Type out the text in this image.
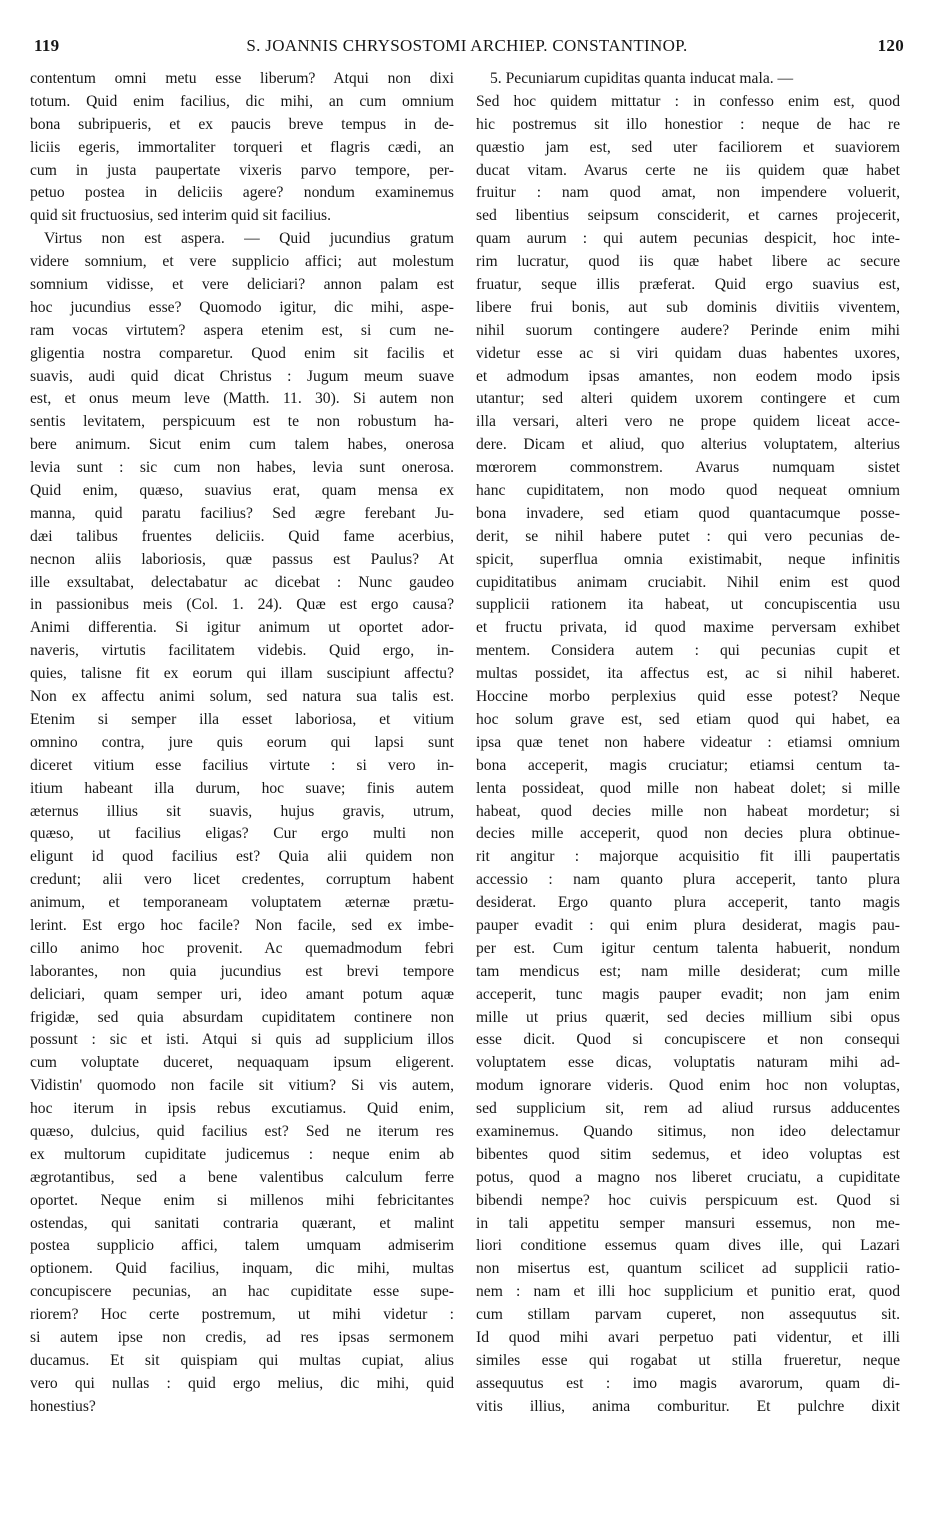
119	S. JOANNIS CHRYSOSTOMI ARCHIEP. CONSTANTINOP.	120
contentum omni metu esse liberum? Atqui non dixi
totum. Quid enim facilius, dic mihi, an cum omnium
bona subripueris, et ex paucis breve tempus in de-
liciis egeris, immortaliter torqueri et flagris cædi, an
cum in justa paupertate vixeris parvo tempore, per-
petuo postea in deliciis agere? nondum examinemus
quid sit fructuosius, sed interim quid sit facilius.
Virtus non est aspera. — Quid jucundius gratum
videre somnium, et vere supplicio affici; aut molestum
somnium vidisse, et vere deliciari? annon palam est
hoc jucundius esse? Quomodo igitur, dic mihi, aspe-
ram vocas virtutem? aspera etenim est, si cum ne-
gligentia nostra comparetur. Quod enim sit facilis et
suavis, audi quid dicat Christus : Jugum meum suave
est, et onus meum leve (Matth. 11. 30). Si autem non
sentis levitatem, perspicuum est te non robustum ha-
bere animum. Sicut enim cum talem habes, onerosa
levia sunt : sic cum non habes, levia sunt onerosa.
Quid enim, quæso, suavius erat, quam mensa ex
manna, quid paratu facilius? Sed ægre ferebant Ju-
dæi talibus fruentes deliciis. Quid fame acerbius,
necnon aliis laboriosis, quæ passus est Paulus? At
ille exsultabat, delectabatur ac dicebat : Nunc gaudeo
in passionibus meis (Col. 1. 24). Quæ est ergo causa?
Animi differentia. Si igitur animum ut oportet ador-
naveris, virtutis facilitatem videbis. Quid ergo, in-
quies, talisne fit ex eorum qui illam suscipiunt affectu?
Non ex affectu animi solum, sed natura sua talis est.
Etenim si semper illa esset laboriosa, et vitium
omnino contra, jure quis eorum qui lapsi sunt
diceret vitium esse facilius virtute : si vero in-
itium habeant illa durum, hoc suave; finis autem
æternus illius sit suavis, hujus gravis, utrum,
quæso, ut facilius eligas? Cur ergo multi non
eligunt id quod facilius est? Quia alii quidem non
credunt; alii vero licet credentes, corruptum habent
animum, et temporaneam voluptatem æternæ prætu-
lerint. Est ergo hoc facile? Non facile, sed ex imbe-
cillo animo hoc provenit. Ac quemadmodum febri
laborantes, non quia jucundius est brevi tempore
deliciari, quam semper uri, ideo amant potum aquæ
frigidæ, sed quia absurdam cupiditatem continere non
possunt : sic et isti. Atqui si quis ad supplicium illos
cum voluptate duceret, nequaquam ipsum eligerent.
Vidistin' quomodo non facile sit vitium? Si vis autem,
hoc iterum in ipsis rebus excutiamus. Quid enim,
quæso, dulcius, quid facilius est? Sed ne iterum res
ex multorum cupiditate judicemus : neque enim ab
ægrotantibus, sed a bene valentibus calculum ferre
oportet. Neque enim si millenos mihi febricitantes
ostendas, qui sanitati contraria quærant, et malint
postea supplicio affici, talem umquam admiserim
optionem. Quid facilius, inquam, dic mihi, multas
concupiscere pecunias, an hac cupiditate esse supe-
riorem? Hoc certe postremum, ut mihi videtur :
si autem ipse non credis, ad res ipsas sermonem
ducamus. Et sit quispiam qui multas cupiat, alius
vero qui nullas : quid ergo melius, dic mihi, quid
honestius?
5. Pecuniarum cupiditas quanta inducat mala. —
Sed hoc quidem mittatur : in confesso enim est, quod
hic postremus sit illo honestior : neque de hac re
quæstio jam est, sed uter faciliorem et suaviorem
ducat vitam. Avarus certe ne iis quidem quæ habet
fruitur : nam quod amat, non impendere voluerit,
sed libentius seipsum consciderit, et carnes projecerit,
quam aurum : qui autem pecunias despicit, hoc inte-
rim lucratur, quod iis quæ habet libere ac secure
fruatur, seque illis præferat. Quid ergo suavius est,
libere frui bonis, aut sub dominis divitiis viventem,
nihil suorum contingere audere? Perinde enim mihi
videtur esse ac si viri quidam duas habentes uxores,
et admodum ipsas amantes, non eodem modo ipsis
utantur; sed alteri quidem uxorem contingere et cum
illa versari, alteri vero ne prope quidem liceat acce-
dere. Dicam et aliud, quo alterius voluptatem, alterius
mœrorem commonstrem. Avarus numquam sistet
hanc cupiditatem, non modo quod nequeat omnium
bona invadere, sed etiam quod quantacumque posse-
derit, se nihil habere putet : qui vero pecunias de-
spicit, superflua omnia existimabit, neque infinitis
cupiditatibus animam cruciabit. Nihil enim est quod
supplicii rationem ita habeat, ut concupiscentia usu
et fructu privata, id quod maxime perversam exhibet
mentem. Considera autem : qui pecunias cupit et
multas possidet, ita affectus est, ac si nihil haberet.
Hoccine morbo perplexius quid esse potest? Neque
hoc solum grave est, sed etiam quod qui habet, ea
ipsa quæ tenet non habere videatur : etiamsi omnium
bona acceperit, magis cruciatur; etiamsi centum ta-
lenta possideat, quod mille non habeat dolet; si mille
habeat, quod decies mille non habeat mordetur; si
decies mille acceperit, quod non decies plura obtinue-
rit angitur : majorque acquisitio fit illi paupertatis
accessio : nam quanto plura acceperit, tanto plura
desiderat. Ergo quanto plura acceperit, tanto magis
pauper evadit : qui enim plura desiderat, magis pau-
per est. Cum igitur centum talenta habuerit, nondum
tam mendicus est; nam mille desiderat; cum mille
acceperit, tunc magis pauper evadit; non jam enim
mille ut prius quærit, sed decies millium sibi opus
esse dicit. Quod si concupiscere et non consequi
voluptatem esse dicas, voluptatis naturam mihi ad-
modum ignorare videris. Quod enim hoc non voluptas,
sed supplicium sit, rem ad aliud rursus adducentes
examinemus. Quando sitimus, non ideo delectamur
bibentes quod sitim sedemus, et ideo voluptas est
potus, quod a magno nos liberet cruciatu, a cupiditate
bibendi nempe? hoc cuivis perspicuum est. Quod si
in tali appetitu semper mansuri essemus, non me-
liori conditione essemus quam dives ille, qui Lazari
non misertus est, quantum scilicet ad supplicii ratio-
nem : nam et illi hoc supplicium et punitio erat, quod
cum stillam parvam cuperet, non assequutus sit.
Id quod mihi avari perpetuo pati videntur, et illi
similes esse qui rogabat ut stilla frueretur, neque
assequutus est : imo magis avarorum, quam di-
vitis illius, anima comburitur. Et pulchre dixit
